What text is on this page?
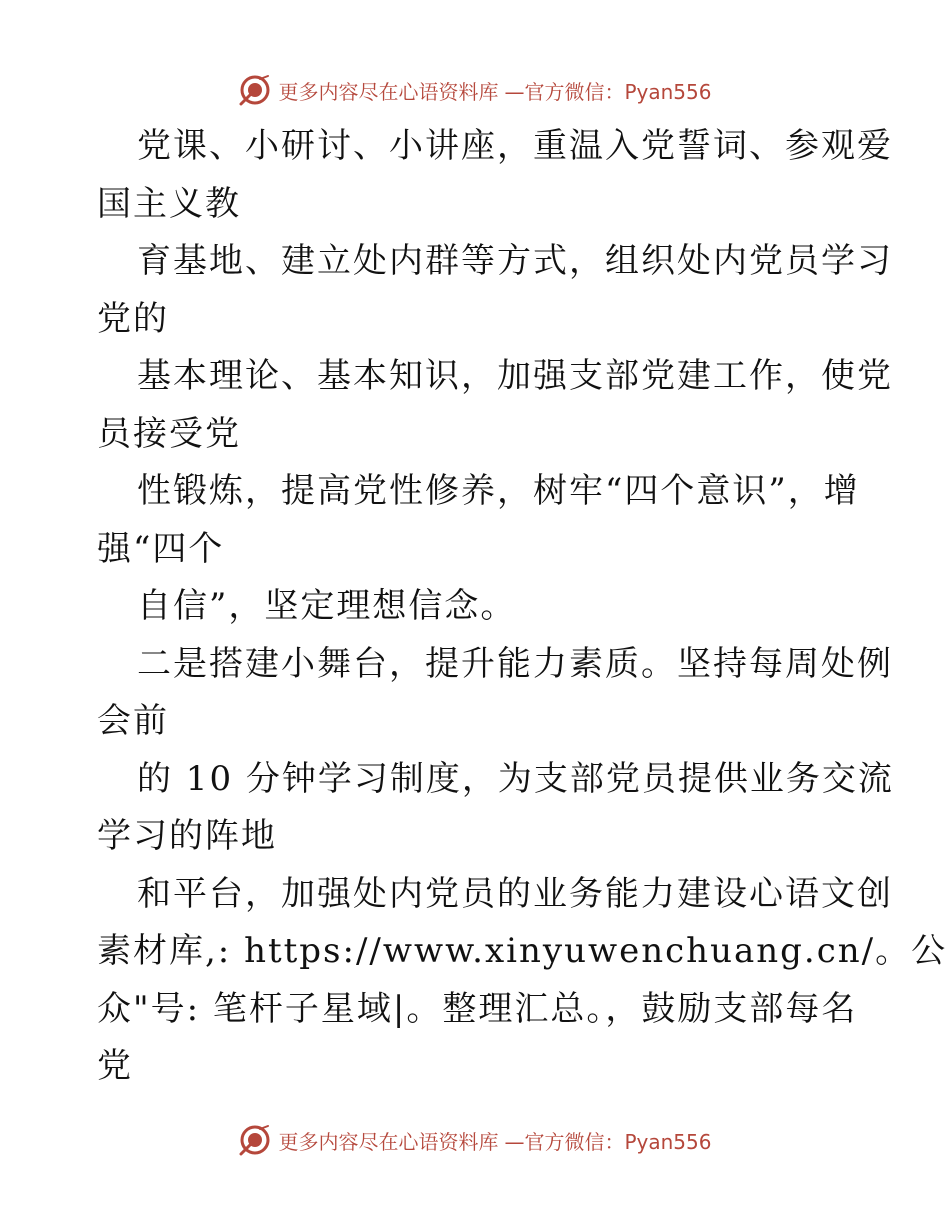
更多内容尽在心语资料库 —官方微信：Pyan556

党课、小研讨、小讲座，重温入党誓词、参观爱

国主义教

育基地、建立处内群等方式，组织处内党员学习

党的

基本理论、基本知识，加强支部党建工作，使党

员接受党

性锻炼，提高党性修养，树牢“四个意识”，增

强“四个

自信”，坚定理想信念。

二是搭建小舞台，提升能力素质。坚持每周处例

会前

的 10 分钟学习制度，为支部党员提供业务交流

学习的阵地

和平台，加强处内党员的业务能力建设心语文创

素材库,: https://www.xinyuwenchuang.cn/。公

众"号: 笔杆子星域|。整理汇总。，鼓励支部每名

党

更多内容尽在心语资料库 —官方微信：Pyan556
